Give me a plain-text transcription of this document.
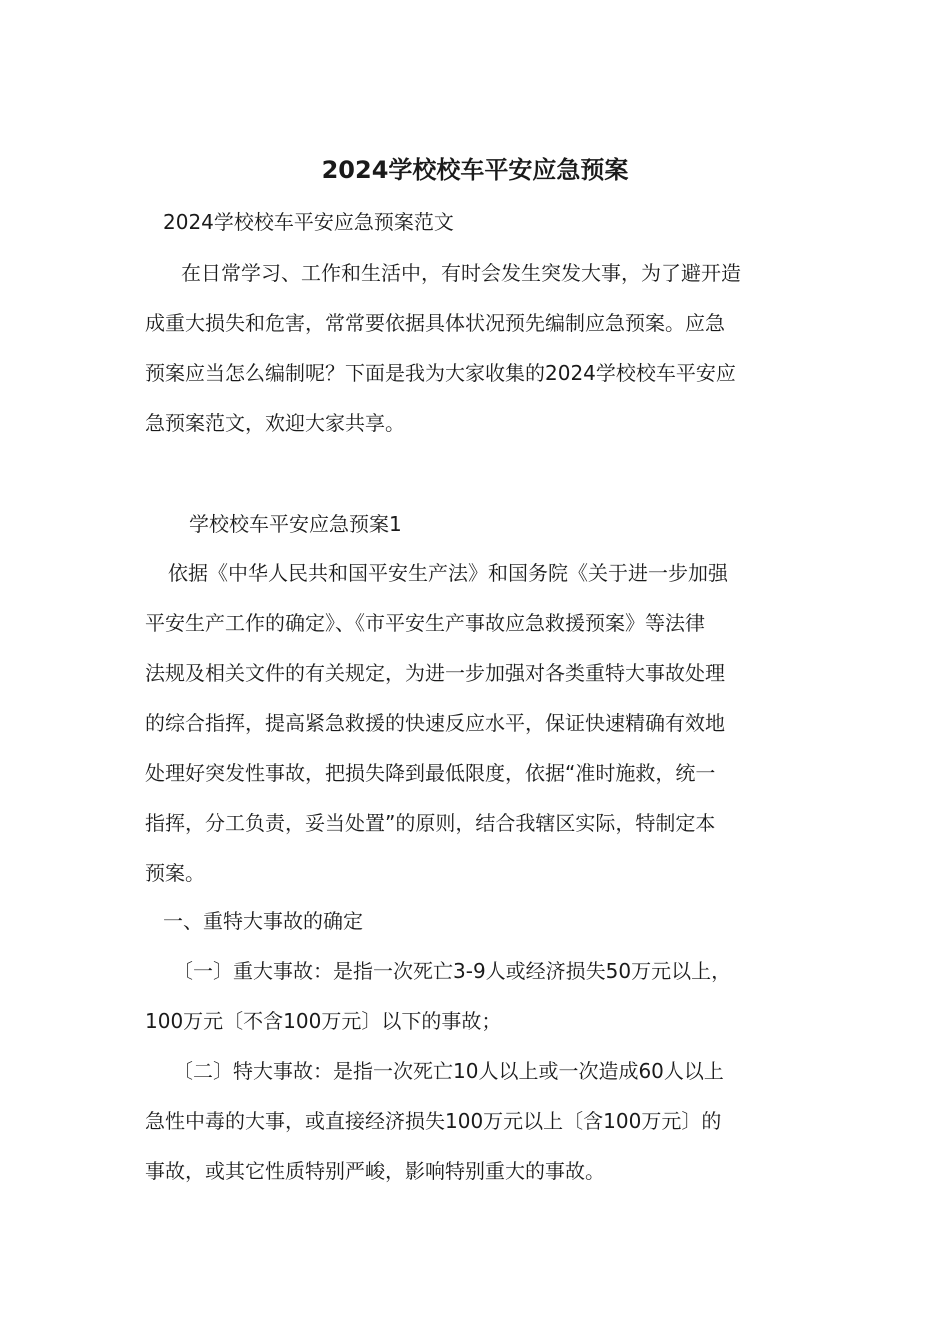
2024学校校车平安应急预案

2024学校校车平安应急预案范文

在日常学习、工作和生活中，有时会发生突发大事，为了避开造

成重大损失和危害，常常要依据具体状况预先编制应急预案。应急

预案应当怎么编制呢？下面是我为大家收集的2024学校校车平安应

急预案范文，欢迎大家共享。

学校校车平安应急预案1

依据《中华人民共和国平安生产法》和国务院《关于进一步加强

平安生产工作的确定》、《市平安生产事故应急救援预案》等法律

法规及相关文件的有关规定，为进一步加强对各类重特大事故处理

的综合指挥，提高紧急救援的快速反应水平，保证快速精确有效地

处理好突发性事故，把损失降到最低限度，依据“准时施救，统一

指挥，分工负责，妥当处置”的原则，结合我辖区实际，特制定本

预案。

一、重特大事故的确定

〔一〕重大事故：是指一次死亡3-9人或经济损失50万元以上，

100万元〔不含100万元〕以下的事故；

〔二〕特大事故：是指一次死亡10人以上或一次造成60人以上

急性中毒的大事，或直接经济损失100万元以上〔含100万元〕的

事故，或其它性质特别严峻，影响特别重大的事故。
